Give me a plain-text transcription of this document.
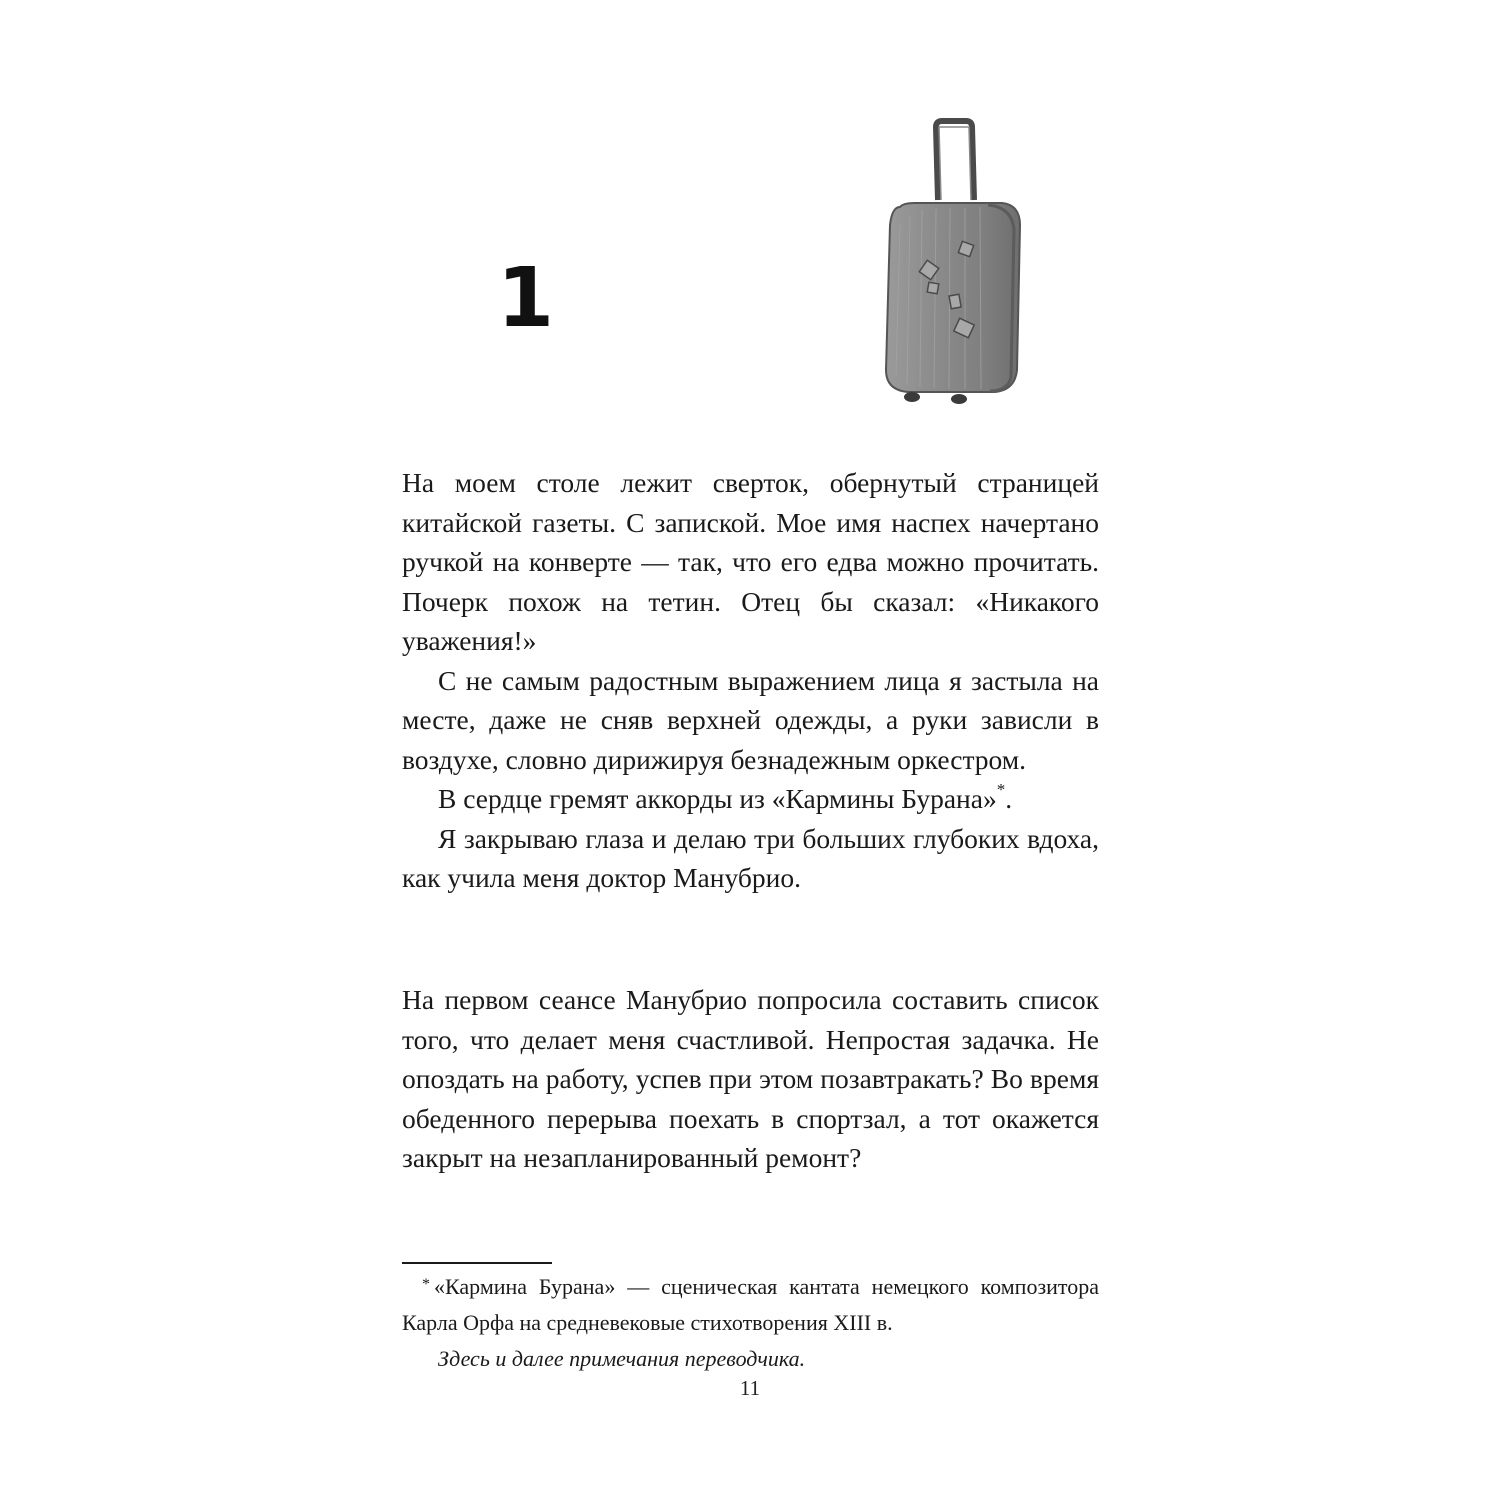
1

На моем столе лежит сверток, обернутый страницей китайской газеты. С запиской. Мое имя наспех начертано ручкой на конверте — так, что его едва можно прочитать. Почерк похож на тетин. Отец бы сказал: «Никакого уважения!»

С не самым радостным выражением лица я застыла на месте, даже не сняв верхней одежды, а руки зависли в воздухе, словно дирижируя безнадежным оркестром.

В сердце гремят аккорды из «Кармины Бурана»*.

Я закрываю глаза и делаю три больших глубоких вдоха, как учила меня доктор Манубрио.

На первом сеансе Манубрио попросила составить список того, что делает меня счастливой. Непростая задачка. Не опоздать на работу, успев при этом позавтракать? Во время обеденного перерыва поехать в спортзал, а тот окажется закрыт на незапланированный ремонт?

* «Кармина Бурана» — сценическая кантата немецкого композитора Карла Орфа на средневековые стихотворения XIII в.

Здесь и далее примечания переводчика.

11
